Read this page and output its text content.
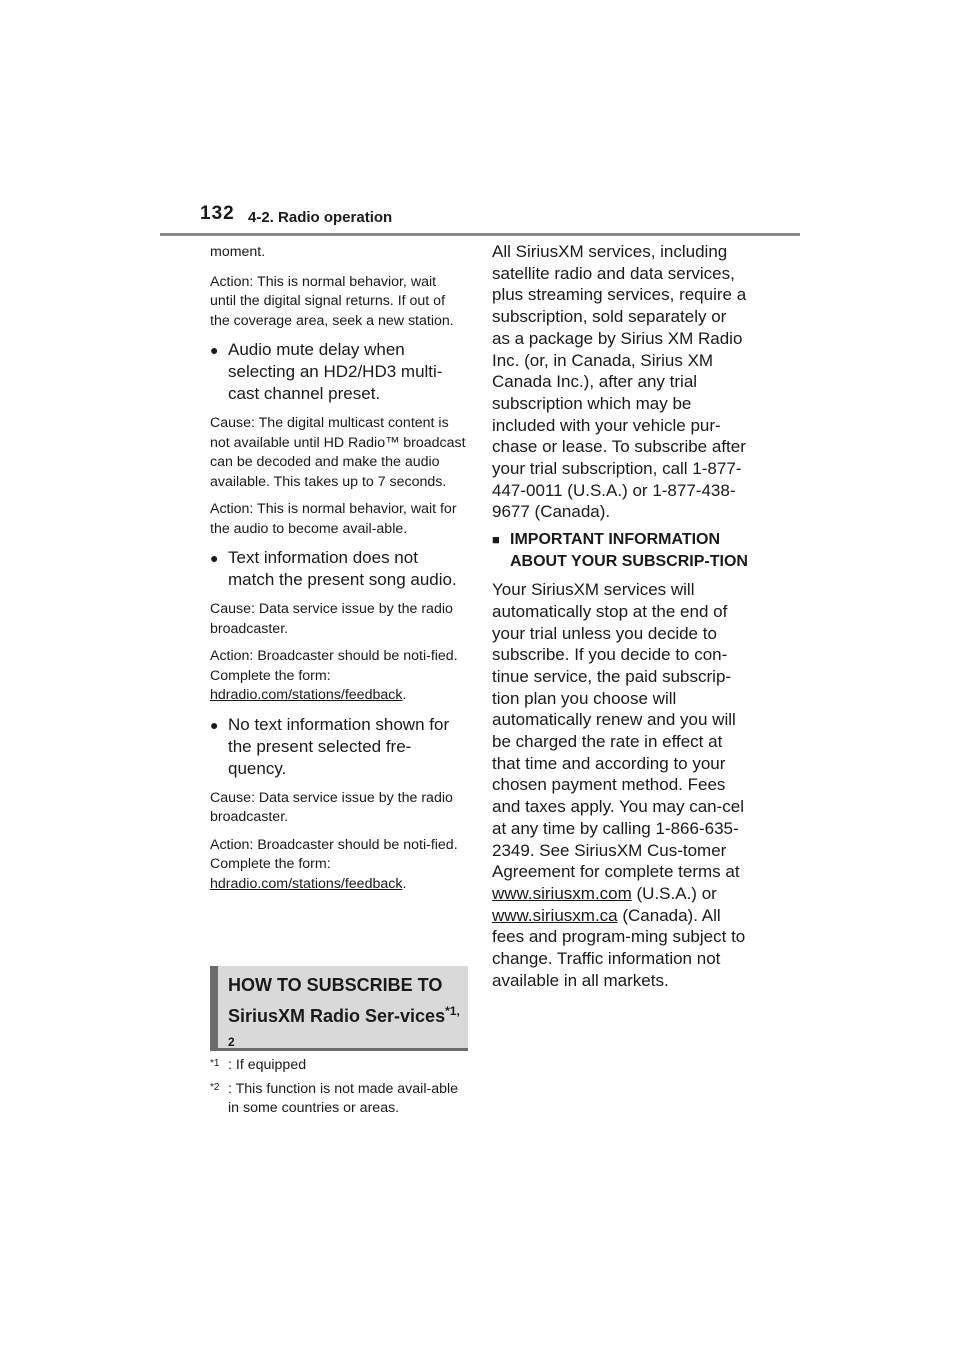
132 4-2. Radio operation

moment.

Action: This is normal behavior, wait until the digital signal returns. If out of the coverage area, seek a new station.

● Audio mute delay when selecting an HD2/HD3 multi-cast channel preset.

Cause: The digital multicast content is not available until HD Radio™ broadcast can be decoded and make the audio available. This takes up to 7 seconds.

Action: This is normal behavior, wait for the audio to become avail-able.

● Text information does not match the present song audio.

Cause: Data service issue by the radio broadcaster.

Action: Broadcaster should be noti-fied. Complete the form: hdradio.com/stations/feedback.

● No text information shown for the present selected fre-quency.

Cause: Data service issue by the radio broadcaster.

Action: Broadcaster should be noti-fied. Complete the form: hdradio.com/stations/feedback.

HOW TO SUBSCRIBE TO SiriusXM Radio Ser-vices$^{*1, 2}$
$^{*1}$ : If equipped
$^{*2}$ : This function is not made avail-able in some countries or areas.

All SiriusXM services, including satellite radio and data services, plus streaming services, require a subscription, sold separately or as a package by Sirius XM Radio Inc. (or, in Canada, Sirius XM Canada Inc.), after any trial subscription which may be included with your vehicle pur-chase or lease. To subscribe after your trial subscription, call 1-877-447-0011 (U.S.A.) or 1-877-438-9677 (Canada).

■ IMPORTANT INFORMATION ABOUT YOUR SUBSCRIP-TION

Your SiriusXM services will automatically stop at the end of your trial unless you decide to subscribe. If you decide to con-tinue service, the paid subscrip-tion plan you choose will automatically renew and you will be charged the rate in effect at that time and according to your chosen payment method. Fees and taxes apply. You may can-cel at any time by calling 1-866-635-2349. See SiriusXM Cus-tomer Agreement for complete terms at www.siriusxm.com (U.S.A.) or www.siriusxm.ca (Canada). All fees and program-ming subject to change. Traffic information not available in all markets.
